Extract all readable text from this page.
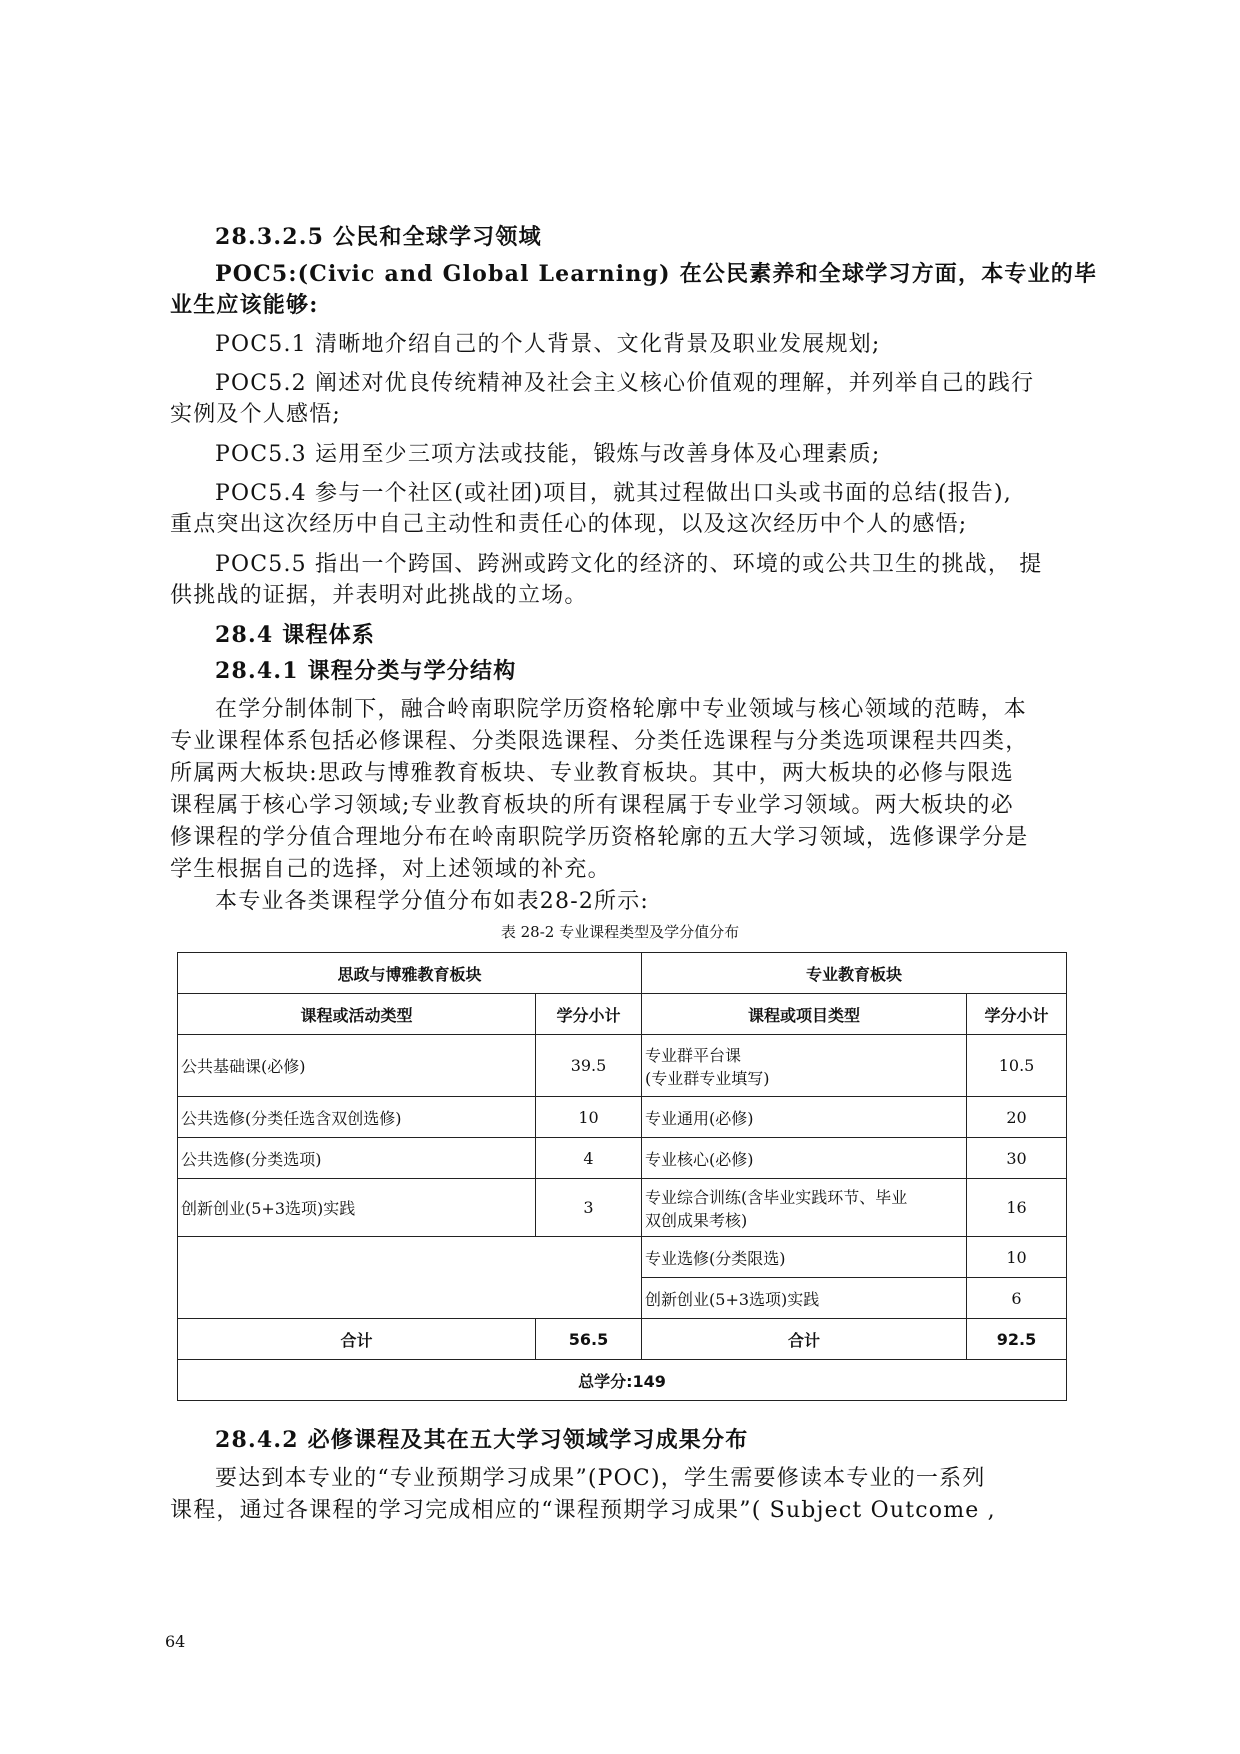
28.3.2.5 公民和全球学习领域
POC5:(Civic and Global Learning) 在公民素养和全球学习方面，本专业的毕
业生应该能够:
POC5.1 清晰地介绍自己的个人背景、文化背景及职业发展规划;
POC5.2 阐述对优良传统精神及社会主义核心价值观的理解，并列举自己的践行
实例及个人感悟;
POC5.3 运用至少三项方法或技能，锻炼与改善身体及心理素质;
POC5.4 参与一个社区(或社团)项目，就其过程做出口头或书面的总结(报告),
重点突出这次经历中自己主动性和责任心的体现，以及这次经历中个人的感悟;
POC5.5 指出一个跨国、跨洲或跨文化的经济的、环境的或公共卫生的挑战， 提
供挑战的证据，并表明对此挑战的立场。
28.4 课程体系
28.4.1 课程分类与学分结构
在学分制体制下，融合岭南职院学历资格轮廓中专业领域与核心领域的范畴，本
专业课程体系包括必修课程、分类限选课程、分类任选课程与分类选项课程共四类，
所属两大板块:思政与博雅教育板块、专业教育板块。其中，两大板块的必修与限选
课程属于核心学习领域;专业教育板块的所有课程属于专业学习领域。两大板块的必
修课程的学分值合理地分布在岭南职院学历资格轮廓的五大学习领域，选修课学分是
学生根据自己的选择，对上述领域的补充。
本专业各类课程学分值分布如表28-2所示:
表 28-2 专业课程类型及学分值分布
思政与博雅教育板块		专业教育板块	
课程或活动类型	学分小计	课程或项目类型	学分小计
公共基础课(必修)	39.5	专业群平台课
(专业群专业填写)	10.5
公共选修(分类任选含双创选修)	10	专业通用(必修)	20
公共选修(分类选项)	4	专业核心(必修)	30
创新创业(5+3选项)实践	3	专业综合训练(含毕业实践环节、毕业
双创成果考核)	16
		专业选修(分类限选)	10
		创新创业(5+3选项)实践	6
合计	56.5	合计	92.5
总学分:149			
28.4.2 必修课程及其在五大学习领域学习成果分布
要达到本专业的“专业预期学习成果”(POC)，学生需要修读本专业的一系列
课程，通过各课程的学习完成相应的“课程预期学习成果”( Subject Outcome ,
64
